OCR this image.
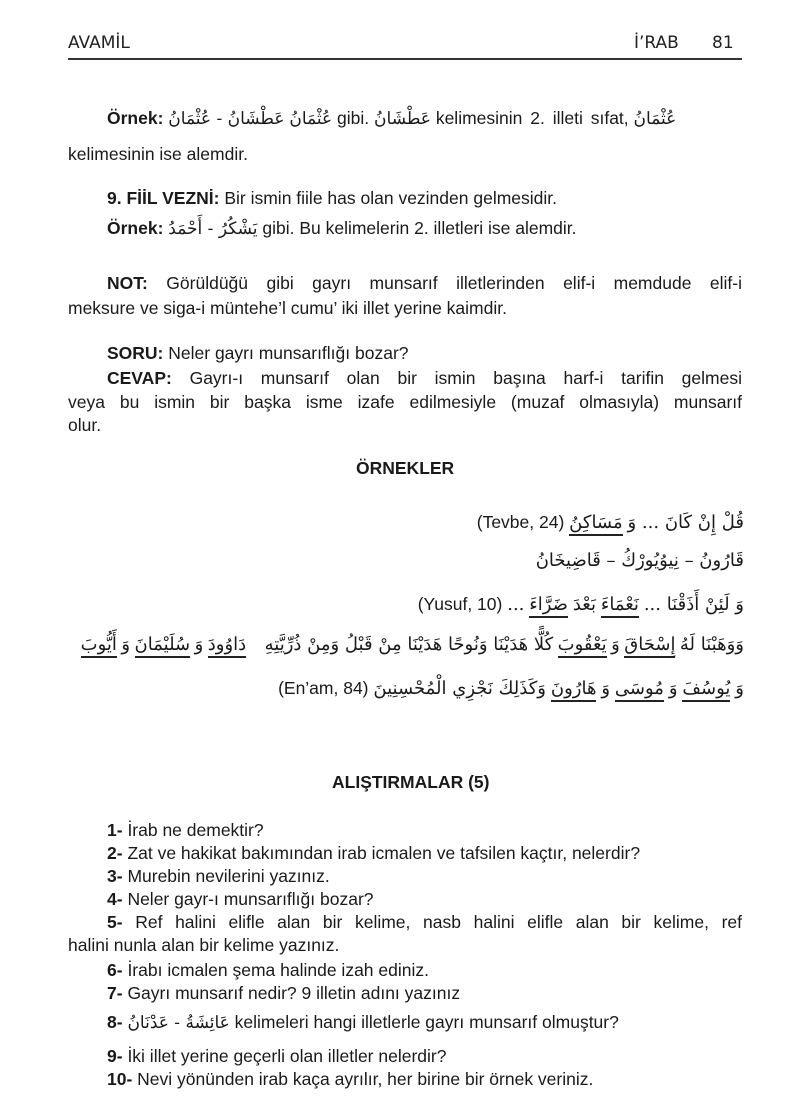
AVAMİL	İ’RAB 81
Örnek: عَطْشَانُ - عُثْمَانُ عُثْمَانُ gibi. عَطْشَانُ kelimesinin 2. illeti sıfat, عُثْمَانُ
kelimesinin ise alemdir.
9. FİİL VEZNİ: Bir ismin fiile has olan vezinden gelmesidir.
Örnek: يَشْكُرُ - أَحْمَدُ gibi. Bu kelimelerin 2. illetleri ise alemdir.
NOT: Görüldüğü gibi gayrı munsarıf illetlerinden elif-i memdude elif-i
meksure ve siga-i müntehe’l cumu’ iki illet yerine kaimdir.
SORU: Neler gayrı munsarıflığı bozar?
CEVAP: Gayrı-ı munsarıf olan bir ismin başına harf-i tarifin gelmesi
veya bu ismin bir başka isme izafe edilmesiyle (muzaf olmasıyla) munsarıf
olur.
ÖRNEKLER
(Tevbe, 24) مَسَاكِنُ قُلْ إِنْ كَانَ ... وَ
قَارُونُ – نِيوُيُورْكُ – قَاضِيخَانُ
(Yusuf, 10) ... ضَرَّاءَ بَعْدَ نَعْمَاءَ وَ لَئِنْ أَذَقْنَا ...
وَوَهَبْنَا لَهُ إِسْحَاقَ وَ يَعْقُوبَ كُلًّا هَدَيْنَا وَنُوحًا هَدَيْنَا مِنْ قَبْلُ وَمِنْ ذُرِّيَّتِهِ دَاوُودَ وَ سُلَيْمَانَ وَ أَيُّوبَ
(En’am, 84) وَكَذَلِكَ نَجْزِي الْمُحْسِنِينَ هَارُونَ وَ مُوسَى وَ يُوسُفَ وَ
ALIŞTIRMALAR (5)
1- İrab ne demektir?
2- Zat ve hakikat bakımından irab icmalen ve tafsilen kaçtır, nelerdir?
3- Murebin nevilerini yazınız.
4- Neler gayr-ı munsarıflığı bozar?
5- Ref halini elifle alan bir kelime, nasb halini elifle alan bir kelime, ref
halini nunla alan bir kelime yazınız.
6- İrabı icmalen şema halinde izah ediniz.
7- Gayrı munsarıf nedir? 9 illetin adını yazınız
8- عَائِشَةُ - عَدْنَانُ kelimeleri hangi illetlerle gayrı munsarıf olmuştur?
9- İki illet yerine geçerli olan illetler nelerdir?
10- Nevi yönünden irab kaça ayrılır, her birine bir örnek veriniz.
